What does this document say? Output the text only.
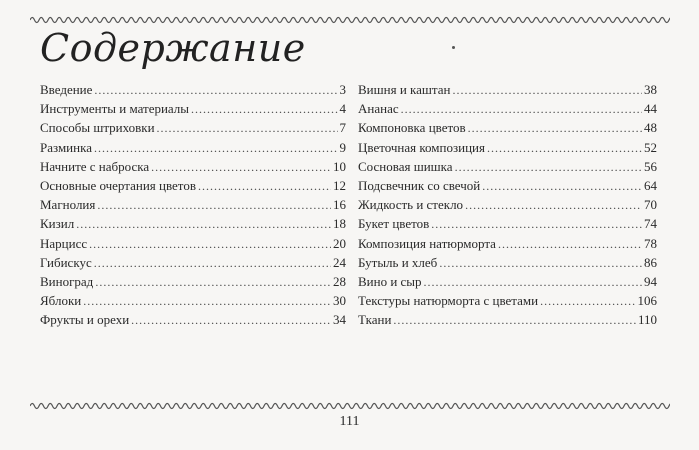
Содержание
Введение . . .	3
Инструменты и материалы . . .	4
Способы штриховки . . .	7
Разминка . . .	9
Начните с наброска . . .	10
Основные очертания цветов . . .	12
Магнолия . . .	16
Кизил . . .	18
Нарцисс . . .	20
Гибискус . . .	24
Виноград . . .	28
Яблоки . . .	30
Фрукты и орехи . . .	34
Вишня и каштан . . .	38
Ананас . . .	44
Компоновка цветов . . .	48
Цветочная композиция . . .	52
Сосновая шишка . . .	56
Подсвечник со свечой . . .	64
Жидкость и стекло . . .	70
Букет цветов . . .	74
Композиция натюрморта . . .	78
Бутыль и хлеб . . .	86
Вино и сыр . . .	94
Текстуры натюрморта с цветами . . .	106
Ткани . . .	110
111
